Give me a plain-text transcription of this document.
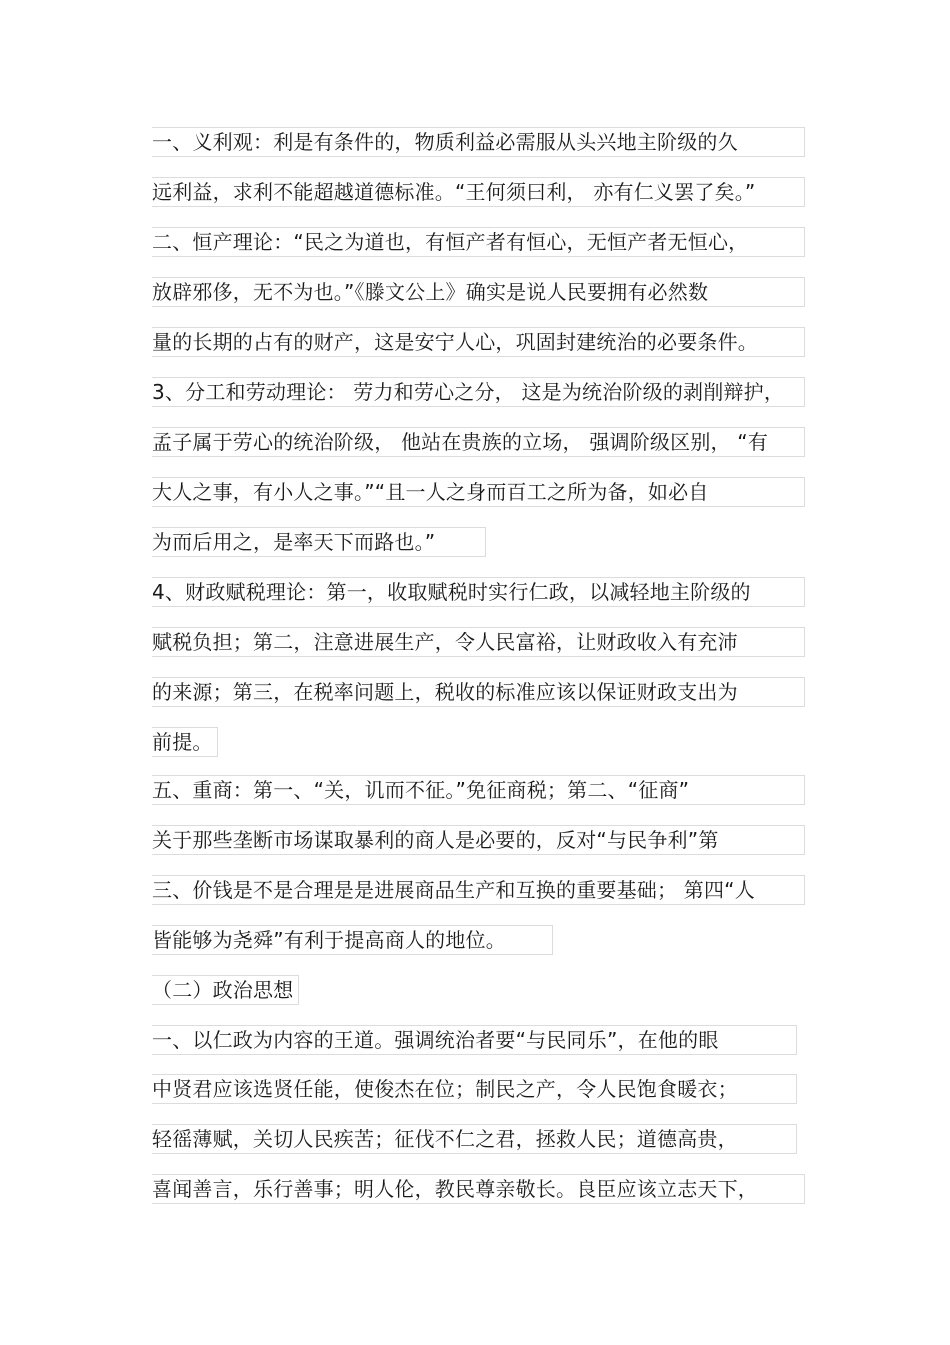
一、义利观：利是有条件的，物质利益必需服从头兴地主阶级的久
远利益，求利不能超越道德标准。“王何须曰利， 亦有仁义罢了矣。”
二、恒产理论：“民之为道也，有恒产者有恒心，无恒产者无恒心，
放辟邪侈，无不为也。”《滕文公上》确实是说人民要拥有必然数
量的长期的占有的财产，这是安宁人心，巩固封建统治的必要条件。
3、分工和劳动理论： 劳力和劳心之分， 这是为统治阶级的剥削辩护，
孟子属于劳心的统治阶级， 他站在贵族的立场， 强调阶级区别， “有
大人之事，有小人之事。”“且一人之身而百工之所为备，如必自
为而后用之，是率天下而路也。”
4、财政赋税理论：第一，收取赋税时实行仁政，以减轻地主阶级的
赋税负担；第二，注意进展生产，令人民富裕，让财政收入有充沛
的来源；第三，在税率问题上，税收的标准应该以保证财政支出为
前提。
五、重商：第一、“关，讥而不征。”免征商税；第二、“征商”
关于那些垄断市场谋取暴利的商人是必要的，反对“与民争利”第
三、价钱是不是合理是是进展商品生产和互换的重要基础； 第四“人
皆能够为尧舜”有利于提高商人的地位。
（二）政治思想
一、以仁政为内容的王道。强调统治者要“与民同乐”，在他的眼
中贤君应该选贤任能，使俊杰在位；制民之产，令人民饱食暖衣；
轻徭薄赋，关切人民疾苦；征伐不仁之君，拯救人民；道德高贵，
喜闻善言，乐行善事；明人伦，教民尊亲敬长。良臣应该立志天下，
